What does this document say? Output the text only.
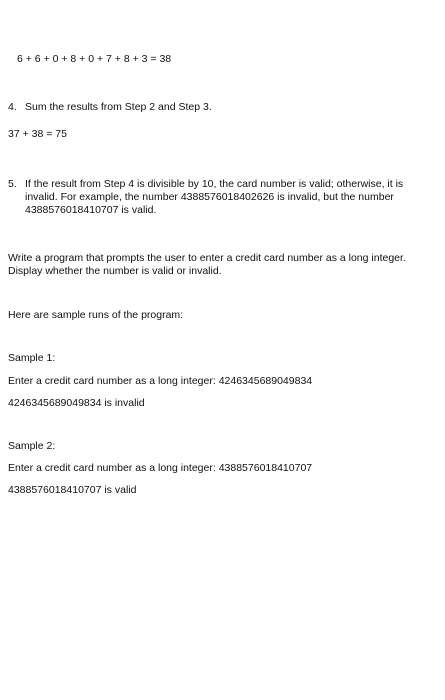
6 + 6 + 0 + 8 + 0 + 7 + 8 + 3 = 38
4. Sum the results from Step 2 and Step 3.
37 + 38 = 75
5. If the result from Step 4 is divisible by 10, the card number is valid; otherwise, it is
invalid. For example, the number 4388576018402626 is invalid, but the number
4388576018410707 is valid.
Write a program that prompts the user to enter a credit card number as a long integer.
Display whether the number is valid or invalid.
Here are sample runs of the program:
Sample 1:
Enter a credit card number as a long integer: 4246345689049834
4246345689049834 is invalid
Sample 2:
Enter a credit card number as a long integer: 4388576018410707
4388576018410707 is valid
